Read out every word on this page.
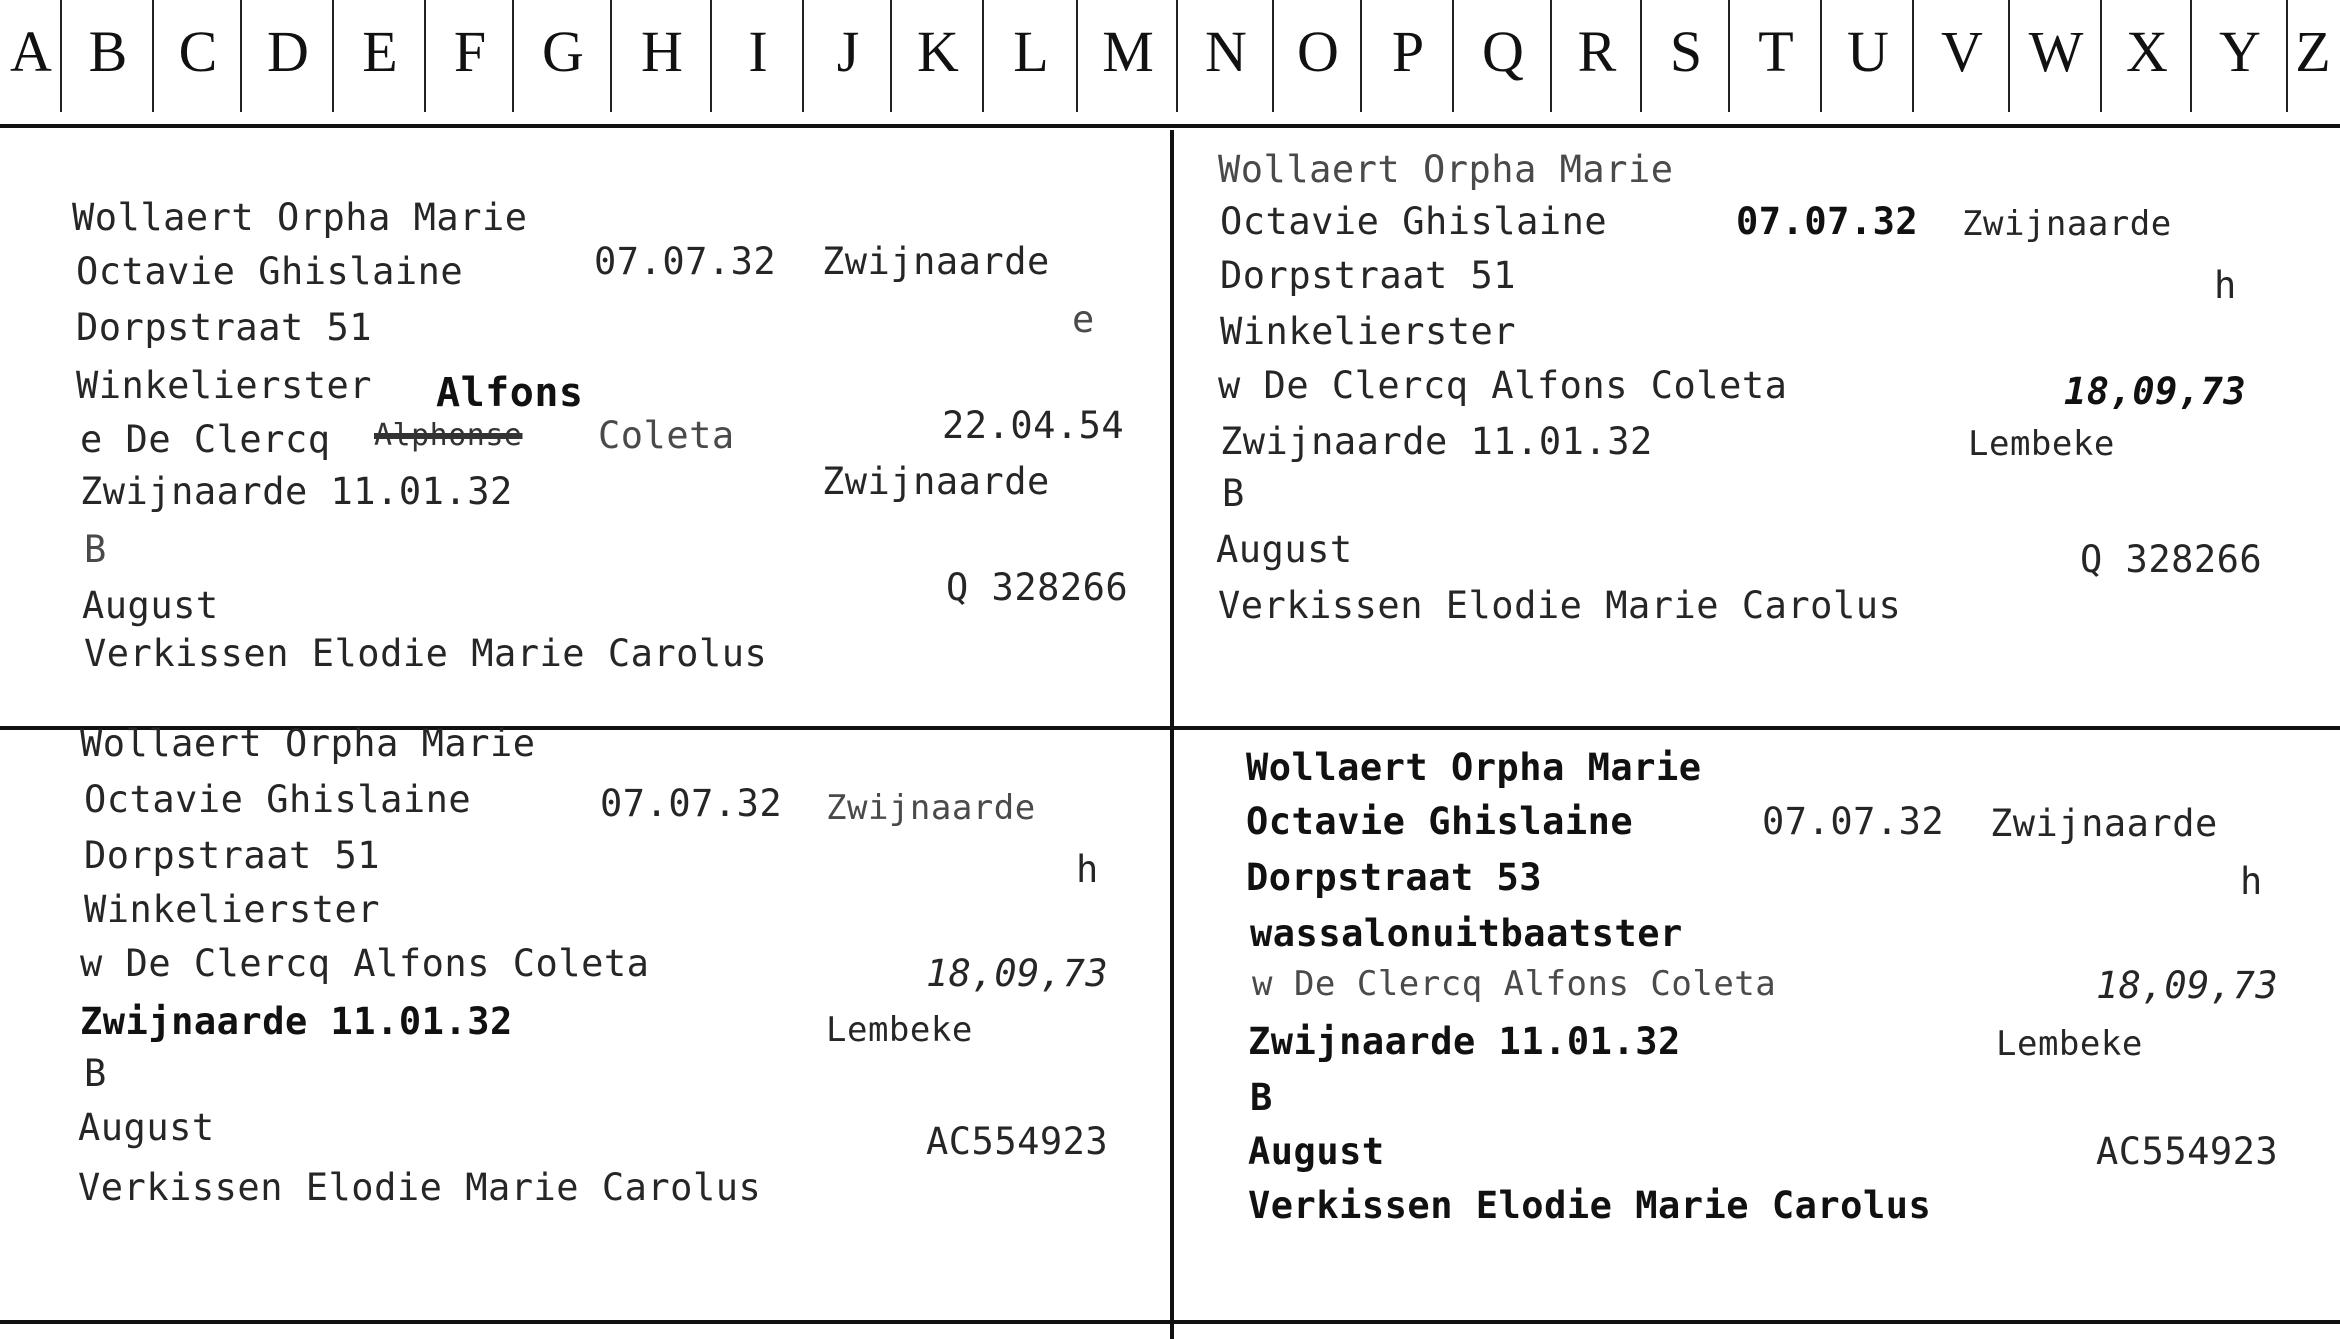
A B C D E F G H	I	J K L M N O P Q R S T U V W X Y Z
Wollaert Orpha Marie
Octavie Ghislaine	07.07.32 Zwijnaarde
Dorpstraat 51	e
Winkelierster Alfons
e De Clercq Alphonse Coleta	22.04.54
Zwijnaarde 11.01.32	Zwijnaarde
B
August	Q 328266
Verkissen Elodie Marie Carolus
Wollaert Orpha Marie
Octavie Ghislaine	07.07.32 Zwijnaarde
Dorpstraat 51	h
Winkelierster
w De Clercq Alfons Coleta	18,09,73
Zwijnaarde 11.01.32	Lembeke
B
August	Q 328266
Verkissen Elodie Marie Carolus
Wollaert Orpha Marie
Octavie Ghislaine	07.07.32 Zwijnaarde
Dorpstraat 51	h
Winkelierster
w De Clercq Alfons Coleta	18,09,73
Zwijnaarde 11.01.32	Lembeke
B
August	AC554923
Verkissen Elodie Marie Carolus
Wollaert Orpha Marie
Octavie Ghislaine	07.07.32 Zwijnaarde
Dorpstraat 53	h
wassalonuitbaatster
w De Clercq Alfons Coleta	18,09,73
Zwijnaarde 11.01.32	Lembeke
B
August	AC554923
Verkissen Elodie Marie Carolus
